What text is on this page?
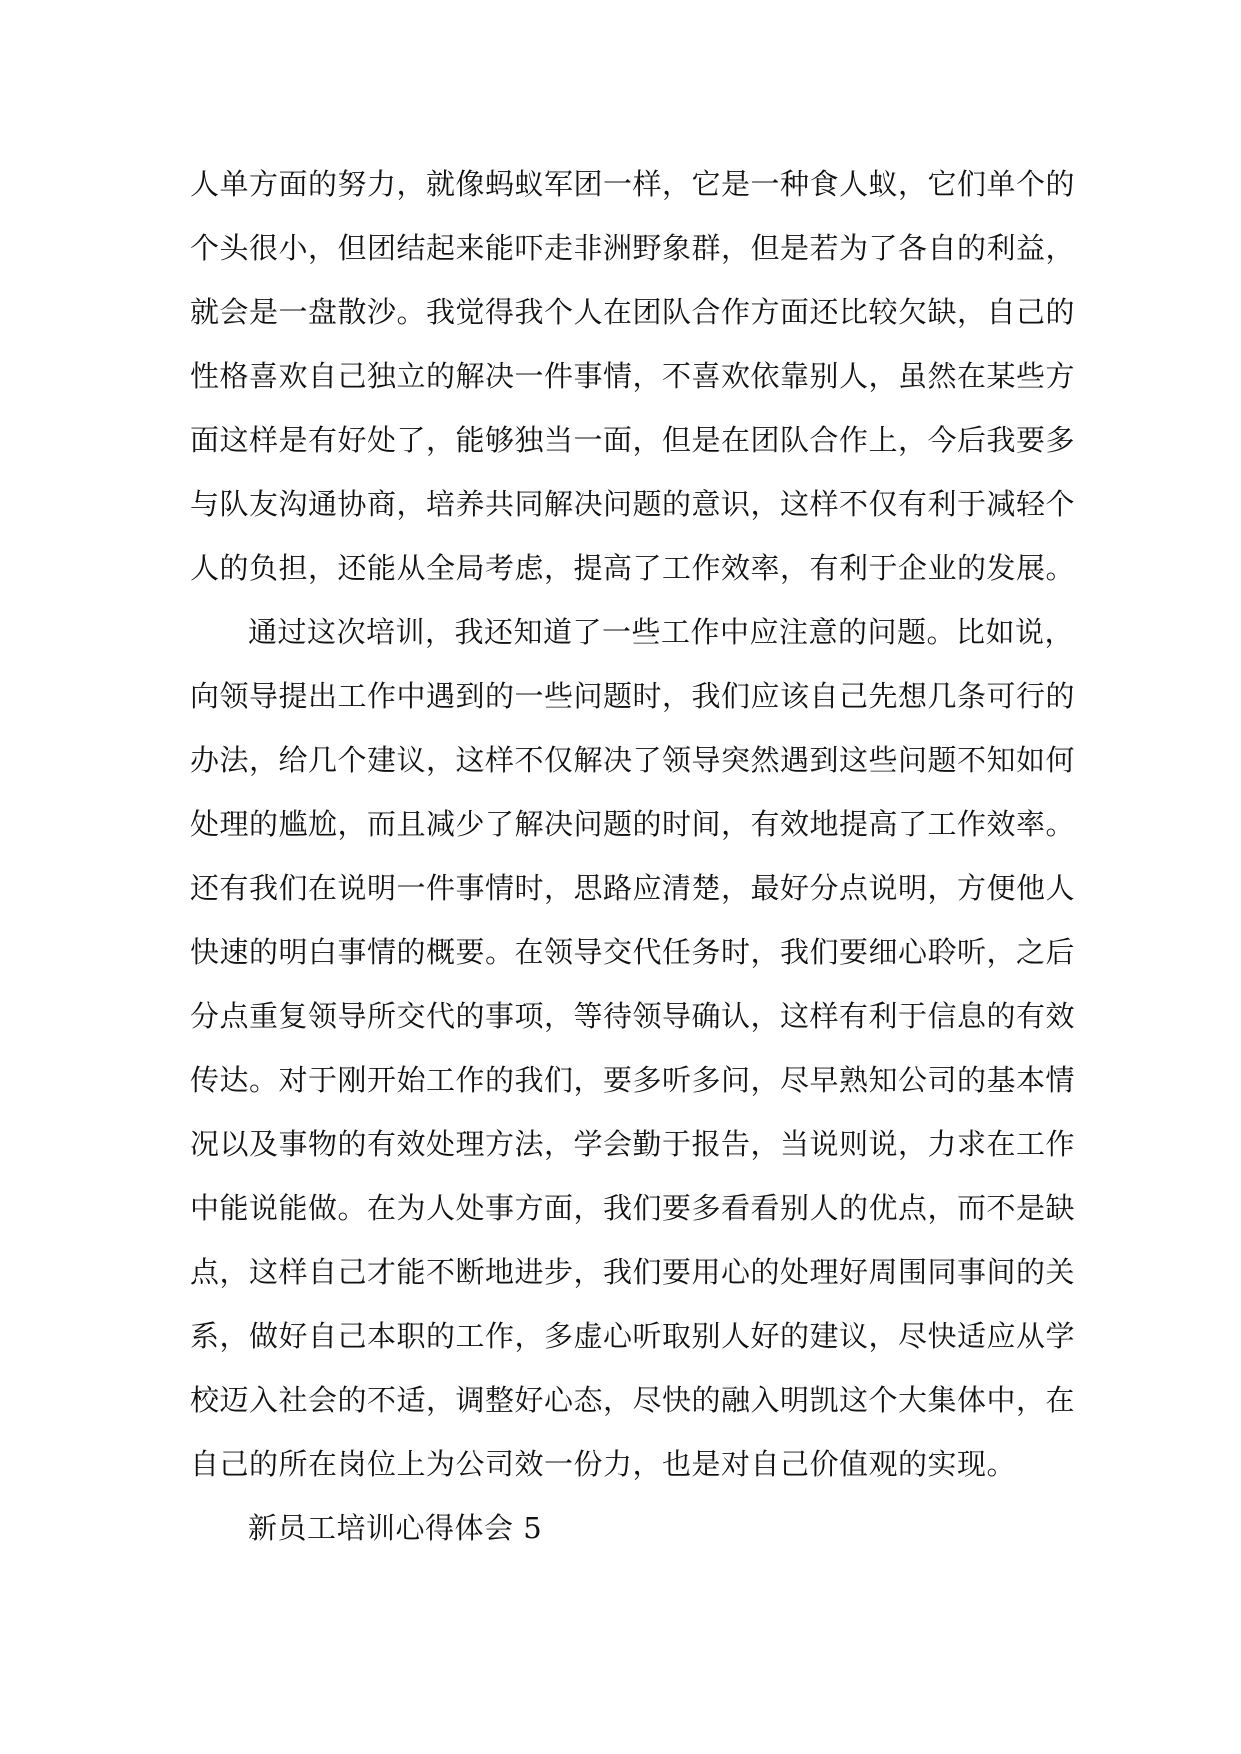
人单方面的努力，就像蚂蚁军团一样，它是一种食人蚁，它们单个的
个头很小，但团结起来能吓走非洲野象群，但是若为了各自的利益，
就会是一盘散沙。我觉得我个人在团队合作方面还比较欠缺，自己的
性格喜欢自己独立的解决一件事情，不喜欢依靠别人，虽然在某些方
面这样是有好处了，能够独当一面，但是在团队合作上，今后我要多
与队友沟通协商，培养共同解决问题的意识，这样不仅有利于减轻个
人的负担，还能从全局考虑，提高了工作效率，有利于企业的发展。
通过这次培训，我还知道了一些工作中应注意的问题。比如说，
向领导提出工作中遇到的一些问题时，我们应该自己先想几条可行的
办法，给几个建议，这样不仅解决了领导突然遇到这些问题不知如何
处理的尴尬，而且减少了解决问题的时间，有效地提高了工作效率。
还有我们在说明一件事情时，思路应清楚，最好分点说明，方便他人
快速的明白事情的概要。在领导交代任务时，我们要细心聆听，之后
分点重复领导所交代的事项，等待领导确认，这样有利于信息的有效
传达。对于刚开始工作的我们，要多听多问，尽早熟知公司的基本情
况以及事物的有效处理方法，学会勤于报告，当说则说，力求在工作
中能说能做。在为人处事方面，我们要多看看别人的优点，而不是缺
点，这样自己才能不断地进步，我们要用心的处理好周围同事间的关
系，做好自己本职的工作，多虚心听取别人好的建议，尽快适应从学
校迈入社会的不适，调整好心态，尽快的融入明凯这个大集体中，在
自己的所在岗位上为公司效一份力，也是对自己价值观的实现。
新员工培训心得体会 5
